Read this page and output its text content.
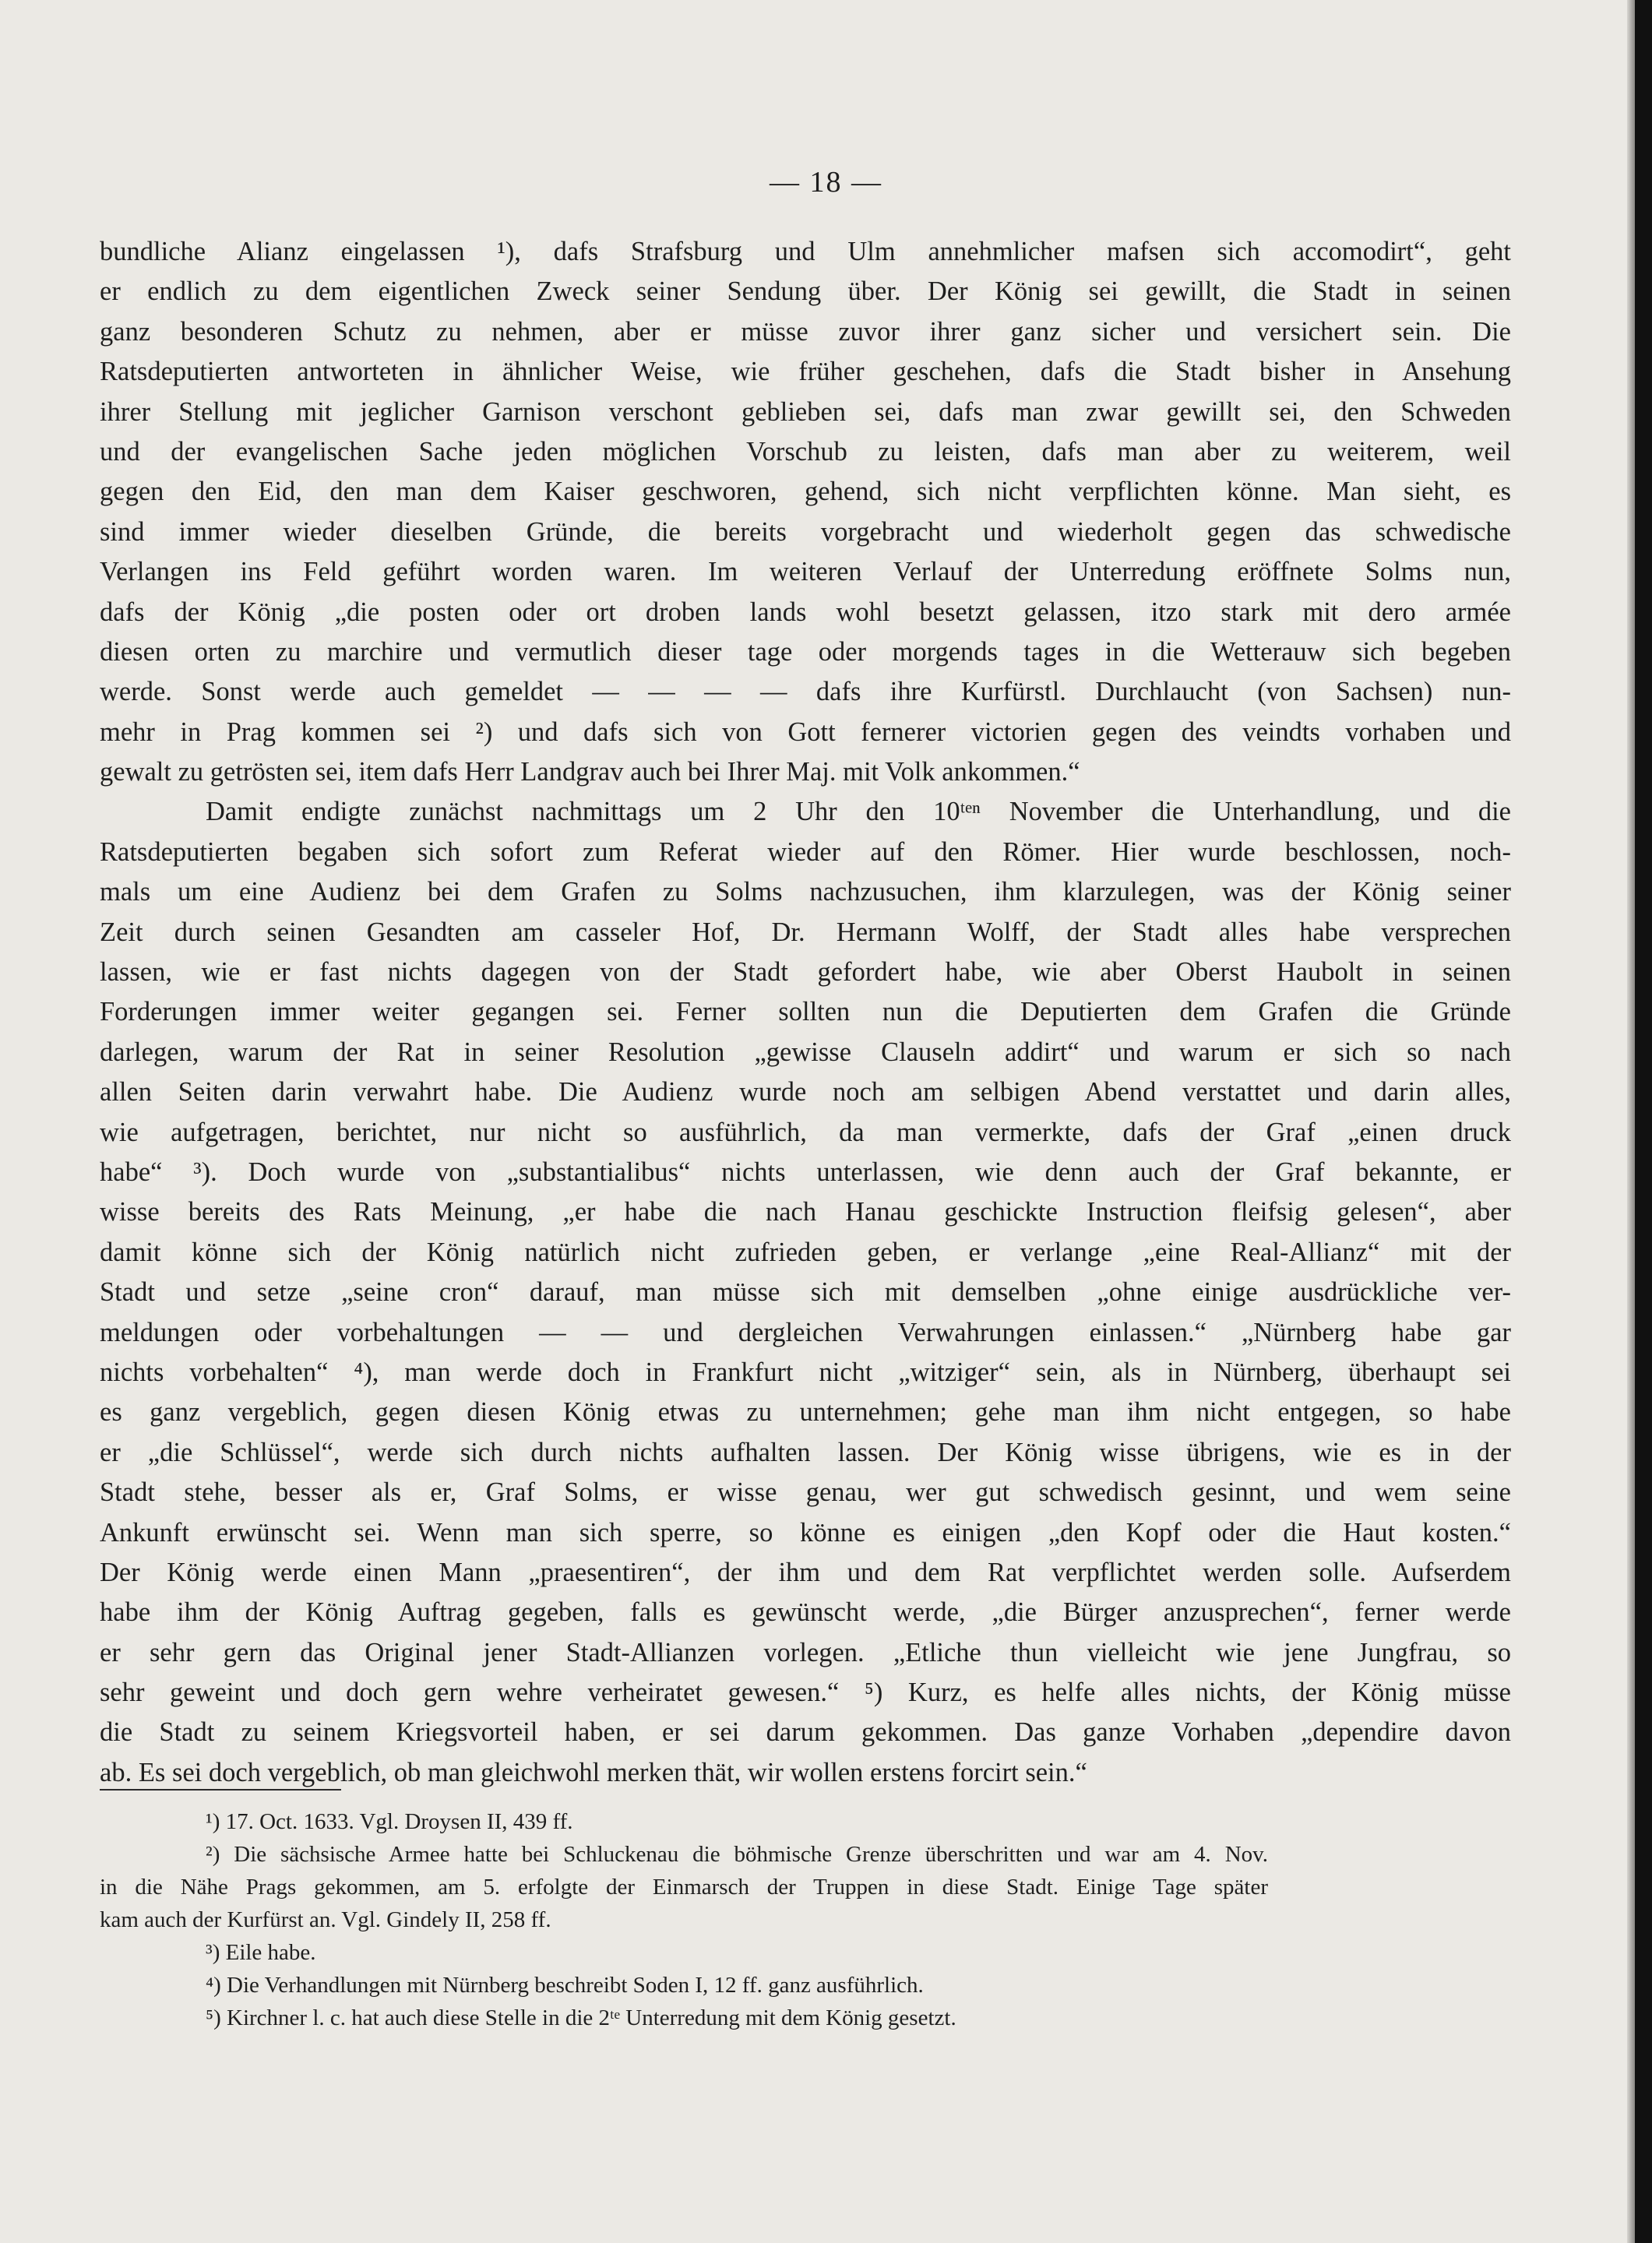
— 18 —
bundliche Alianz eingelassen ¹), dafs Strafsburg und Ulm annehmlicher mafsen sich accomodirt“, geht
er endlich zu dem eigentlichen Zweck seiner Sendung über. Der König sei gewillt, die Stadt in seinen
ganz besonderen Schutz zu nehmen, aber er müsse zuvor ihrer ganz sicher und versichert sein. Die
Ratsdeputierten antworteten in ähnlicher Weise, wie früher geschehen, dafs die Stadt bisher in Ansehung
ihrer Stellung mit jeglicher Garnison verschont geblieben sei, dafs man zwar gewillt sei, den Schweden
und der evangelischen Sache jeden möglichen Vorschub zu leisten, dafs man aber zu weiterem, weil
gegen den Eid, den man dem Kaiser geschworen, gehend, sich nicht verpflichten könne. Man sieht, es
sind immer wieder dieselben Gründe, die bereits vorgebracht und wiederholt gegen das schwedische
Verlangen ins Feld geführt worden waren. Im weiteren Verlauf der Unterredung eröffnete Solms nun,
dafs der König „die posten oder ort droben lands wohl besetzt gelassen, itzo stark mit dero armée
diesen orten zu marchire und vermutlich dieser tage oder morgends tages in die Wetterauw sich begeben
werde. Sonst werde auch gemeldet — — — — dafs ihre Kurfürstl. Durchlaucht (von Sachsen) nun-
mehr in Prag kommen sei ²) und dafs sich von Gott fernerer victorien gegen des veindts vorhaben und
gewalt zu getrösten sei, item dafs Herr Landgrav auch bei Ihrer Maj. mit Volk ankommen.“
Damit endigte zunächst nachmittags um 2 Uhr den 10ᵗᵉⁿ November die Unterhandlung, und die
Ratsdeputierten begaben sich sofort zum Referat wieder auf den Römer. Hier wurde beschlossen, noch-
mals um eine Audienz bei dem Grafen zu Solms nachzusuchen, ihm klarzulegen, was der König seiner
Zeit durch seinen Gesandten am casseler Hof, Dr. Hermann Wolff, der Stadt alles habe versprechen
lassen, wie er fast nichts dagegen von der Stadt gefordert habe, wie aber Oberst Haubolt in seinen
Forderungen immer weiter gegangen sei. Ferner sollten nun die Deputierten dem Grafen die Gründe
darlegen, warum der Rat in seiner Resolution „gewisse Clauseln addirt“ und warum er sich so nach
allen Seiten darin verwahrt habe. Die Audienz wurde noch am selbigen Abend verstattet und darin alles,
wie aufgetragen, berichtet, nur nicht so ausführlich, da man vermerkte, dafs der Graf „einen druck
habe“ ³). Doch wurde von „substantialibus“ nichts unterlassen, wie denn auch der Graf bekannte, er
wisse bereits des Rats Meinung, „er habe die nach Hanau geschickte Instruction fleifsig gelesen“, aber
damit könne sich der König natürlich nicht zufrieden geben, er verlange „eine Real-Allianz“ mit der
Stadt und setze „seine cron“ darauf, man müsse sich mit demselben „ohne einige ausdrückliche ver-
meldungen oder vorbehaltungen — — und dergleichen Verwahrungen einlassen.“ „Nürnberg habe gar
nichts vorbehalten“ ⁴), man werde doch in Frankfurt nicht „witziger“ sein, als in Nürnberg, überhaupt sei
es ganz vergeblich, gegen diesen König etwas zu unternehmen; gehe man ihm nicht entgegen, so habe
er „die Schlüssel“, werde sich durch nichts aufhalten lassen. Der König wisse übrigens, wie es in der
Stadt stehe, besser als er, Graf Solms, er wisse genau, wer gut schwedisch gesinnt, und wem seine
Ankunft erwünscht sei. Wenn man sich sperre, so könne es einigen „den Kopf oder die Haut kosten.“
Der König werde einen Mann „praesentiren“, der ihm und dem Rat verpflichtet werden solle. Aufserdem
habe ihm der König Auftrag gegeben, falls es gewünscht werde, „die Bürger anzusprechen“, ferner werde
er sehr gern das Original jener Stadt-Allianzen vorlegen. „Etliche thun vielleicht wie jene Jungfrau, so
sehr geweint und doch gern wehre verheiratet gewesen.“ ⁵) Kurz, es helfe alles nichts, der König müsse
die Stadt zu seinem Kriegsvorteil haben, er sei darum gekommen. Das ganze Vorhaben „dependire davon
ab. Es sei doch vergeblich, ob man gleichwohl merken thät, wir wollen erstens forcirt sein.“
¹) 17. Oct. 1633. Vgl. Droysen II, 439 ff.
²) Die sächsische Armee hatte bei Schluckenau die böhmische Grenze überschritten und war am 4. Nov.
in die Nähe Prags gekommen, am 5. erfolgte der Einmarsch der Truppen in diese Stadt. Einige Tage später
kam auch der Kurfürst an. Vgl. Gindely II, 258 ff.
³) Eile habe.
⁴) Die Verhandlungen mit Nürnberg beschreibt Soden I, 12 ff. ganz ausführlich.
⁵) Kirchner l. c. hat auch diese Stelle in die 2ᵗᵉ Unterredung mit dem König gesetzt.
